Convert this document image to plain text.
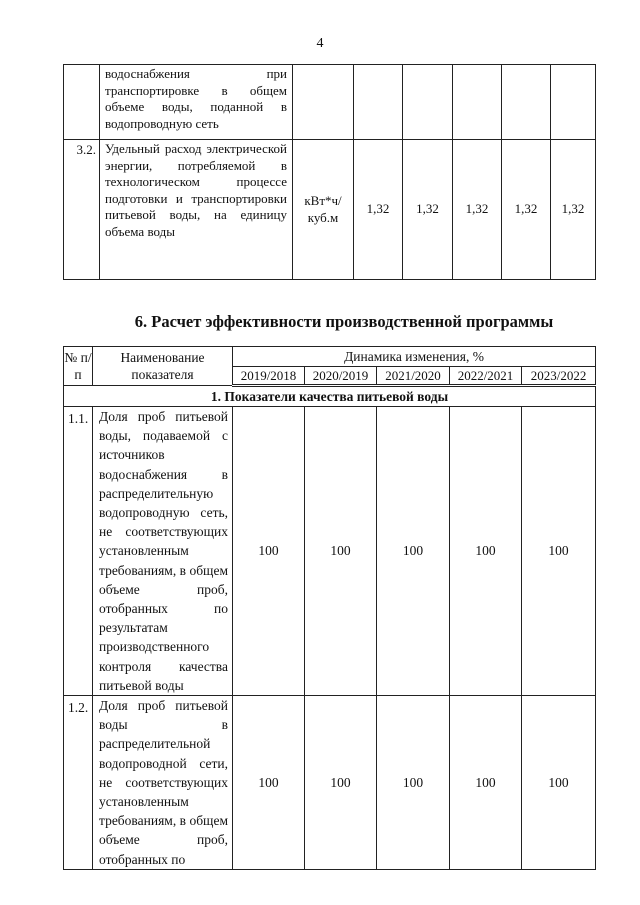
4
	водоснабжения при транспортировке в общем объеме воды, поданной в водопроводную сеть						
3.2.	Удельный расход электрической энергии, потребляемой в технологическом процессе подготовки и транспортировки питьевой воды, на единицу объема воды	кВт*ч/ куб.м	1,32	1,32	1,32	1,32	1,32
6. Расчет эффективности производственной программы
№ п/п	Наименование показателя	Динамика изменения, %				
		2019/2018	2020/2019	2021/2020	2022/2021	2023/2022
1. Показатели качества питьевой воды						
1.1.	Доля проб питьевой воды, подаваемой с источников водоснабжения в распределительную водопроводную сеть, не соответствующих установленным требованиям, в общем объеме проб, отобранных по результатам производственного контроля качества питьевой воды	100	100	100	100	100
1.2.	Доля проб питьевой воды в распределительной водопроводной сети, не соответствующих установленным требованиям, в общем объеме проб, отобранных по	100	100	100	100	100
